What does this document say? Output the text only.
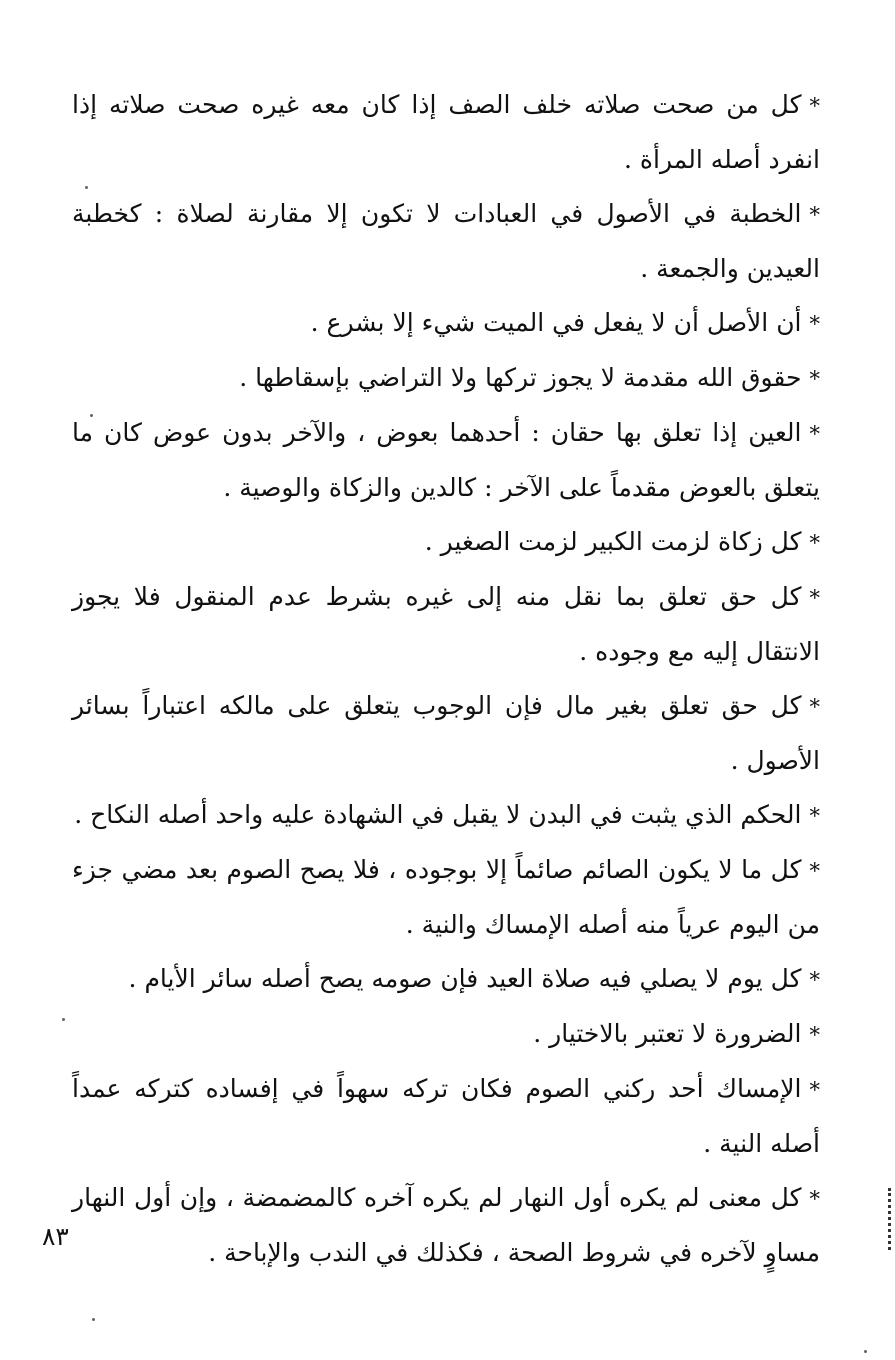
*كل من صحت صلاته خلف الصف إذا كان معه غيره صحت صلاته إذا انفرد أصله المرأة .

*الخطبة في الأصول في العبادات لا تكون إلا مقارنة لصلاة : كخطبة العيدين والجمعة .

*أن الأصل أن لا يفعل في الميت شيء إلا بشرع .

*حقوق الله مقدمة لا يجوز تركها ولا التراضي بإسقاطها .

*العين إذا تعلق بها حقان : أحدهما بعوض ، والآخر بدون عوض كان ما يتعلق بالعوض مقدماً على الآخر : كالدين والزكاة والوصية .

*كل زكاة لزمت الكبير لزمت الصغير .

*كل حق تعلق بما نقل منه إلى غيره بشرط عدم المنقول فلا يجوز الانتقال إليه مع وجوده .

*كل حق تعلق بغير مال فإن الوجوب يتعلق على مالكه اعتباراً بسائر الأصول .

*الحكم الذي يثبت في البدن لا يقبل في الشهادة عليه واحد أصله النكاح .

*كل ما لا يكون الصائم صائماً إلا بوجوده ، فلا يصح الصوم بعد مضي جزء من اليوم عرياً منه أصله الإمساك والنية .

*كل يوم لا يصلي فيه صلاة العيد فإن صومه يصح أصله سائر الأيام .

*الضرورة لا تعتبر بالاختيار .

*الإمساك أحد ركني الصوم فكان تركه سهواً في إفساده كتركه عمداً أصله النية .

*كل معنى لم يكره أول النهار لم يكره آخره كالمضمضة ، وإن أول النهار مساوٍ لآخره في شروط الصحة ، فكذلك في الندب والإباحة .

٨٣
